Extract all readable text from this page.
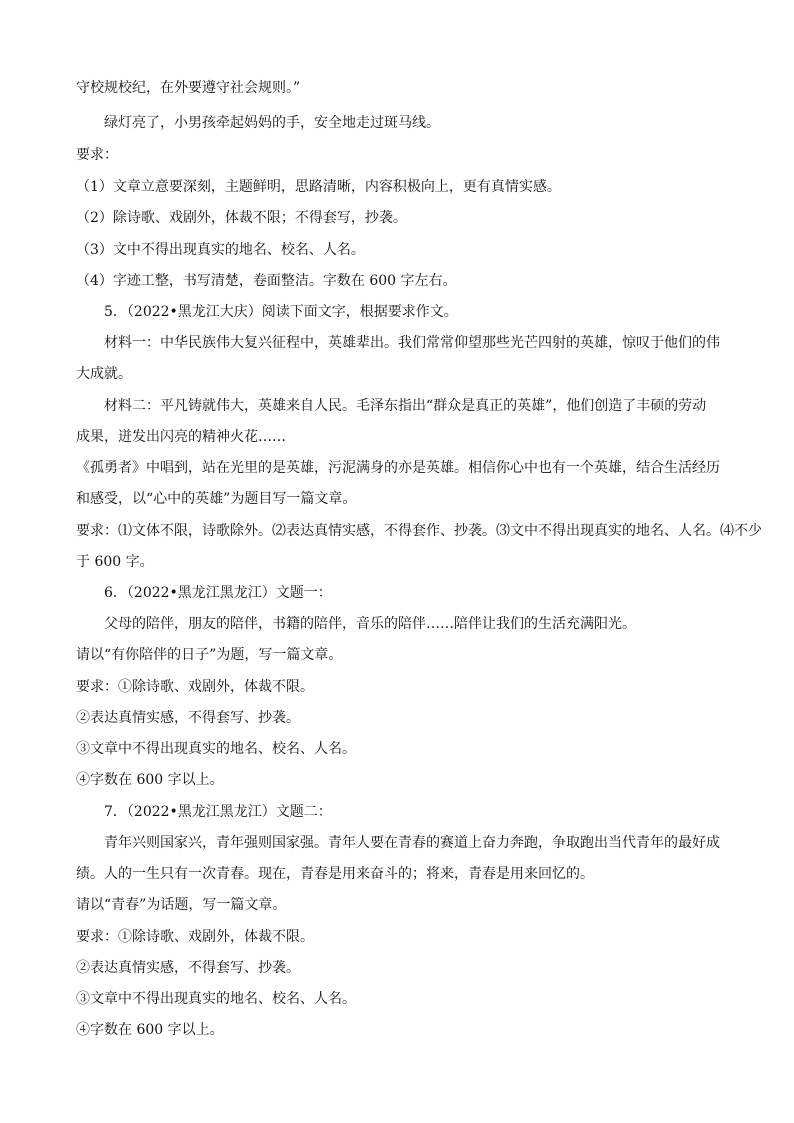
守校规校纪，在外要遵守社会规则。”
绿灯亮了，小男孩牵起妈妈的手，安全地走过斑马线。
要求：
（1）文章立意要深刻，主题鲜明，思路清晰，内容积极向上，更有真情实感。
（2）除诗歌、戏剧外，体裁不限；不得套写，抄袭。
（3）文中不得出现真实的地名、校名、人名。
（4）字迹工整，书写清楚，卷面整洁。字数在 600 字左右。
5．（2022•黑龙江大庆）阅读下面文字，根据要求作文。
材料一：中华民族伟大复兴征程中，英雄辈出。我们常常仰望那些光芒四射的英雄，惊叹于他们的伟
大成就。
材料二：平凡铸就伟大，英雄来自人民。毛泽东指出“群众是真正的英雄”，他们创造了丰硕的劳动
成果，迸发出闪亮的精神火花……
《孤勇者》中唱到，站在光里的是英雄，污泥满身的亦是英雄。相信你心中也有一个英雄，结合生活经历
和感受，以“心中的英雄”为题目写一篇文章。
要求：⑴文体不限，诗歌除外。⑵表达真情实感，不得套作、抄袭。⑶文中不得出现真实的地名、人名。⑷不少
于 600 字。
6．（2022•黑龙江黑龙江）文题一：
父母的陪伴，朋友的陪伴，书籍的陪伴，音乐的陪伴……陪伴让我们的生活充满阳光。
请以“有你陪伴的日子”为题，写一篇文章。
要求：①除诗歌、戏剧外，体裁不限。
②表达真情实感，不得套写、抄袭。
③文章中不得出现真实的地名、校名、人名。
④字数在 600 字以上。
7．（2022•黑龙江黑龙江）文题二：
青年兴则国家兴，青年强则国家强。青年人要在青春的赛道上奋力奔跑，争取跑出当代青年的最好成
绩。人的一生只有一次青春。现在，青春是用来奋斗的；将来，青春是用来回忆的。
请以“青春”为话题，写一篇文章。
要求：①除诗歌、戏剧外，体裁不限。
②表达真情实感，不得套写、抄袭。
③文章中不得出现真实的地名、校名、人名。
④字数在 600 字以上。
